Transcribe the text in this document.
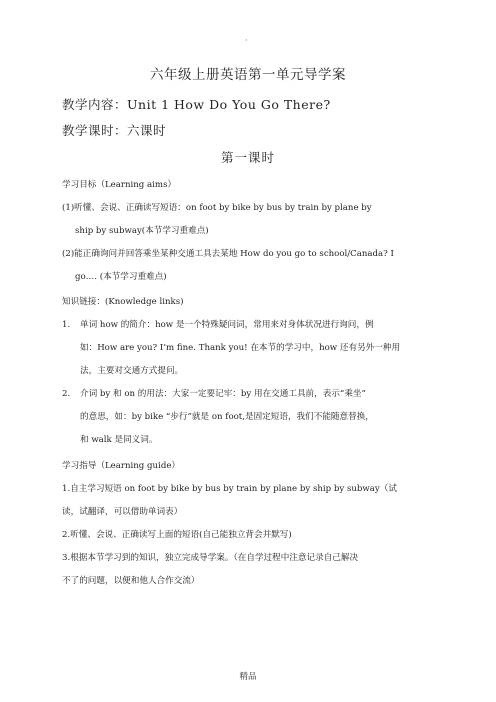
·
六年级上册英语第一单元导学案
教学内容：Unit 1 How Do You Go There?
教学课时：六课时
第一课时
学习目标（Learning aims）
(1)听懂、会说、正确读写短语：on foot by bike by bus by train by plane by
ship by subway(本节学习重难点)
(2)能正确询问并回答乘坐某种交通工具去某地 How do you go to school/Canada? I
go…. (本节学习重难点)
知识链接：(Knowledge links)
1. 单词 how 的简介：how 是一个特殊疑问词，常用来对身体状况进行询问，例
如：How are you? I’m fine. Thank you! 在本节的学习中，how 还有另外一种用
法，主要对交通方式提问。
2. 介词 by 和 on 的用法：大家一定要记牢：by 用在交通工具前，表示“乘坐”
的意思，如：by bike “步行”就是 on foot,是固定短语，我们不能随意替换，
和 walk 是同义词。
学习指导（Learning guide）
1.自主学习短语 on foot by bike by bus by train by plane by ship by subway（试
读，试翻译，可以借助单词表）
2.听懂、会说、正确读写上面的短语(自己能独立背会并默写)
3.根据本节学习到的知识，独立完成导学案。（在自学过程中注意记录自己解决
不了的问题，以便和他人合作交流）
精品
